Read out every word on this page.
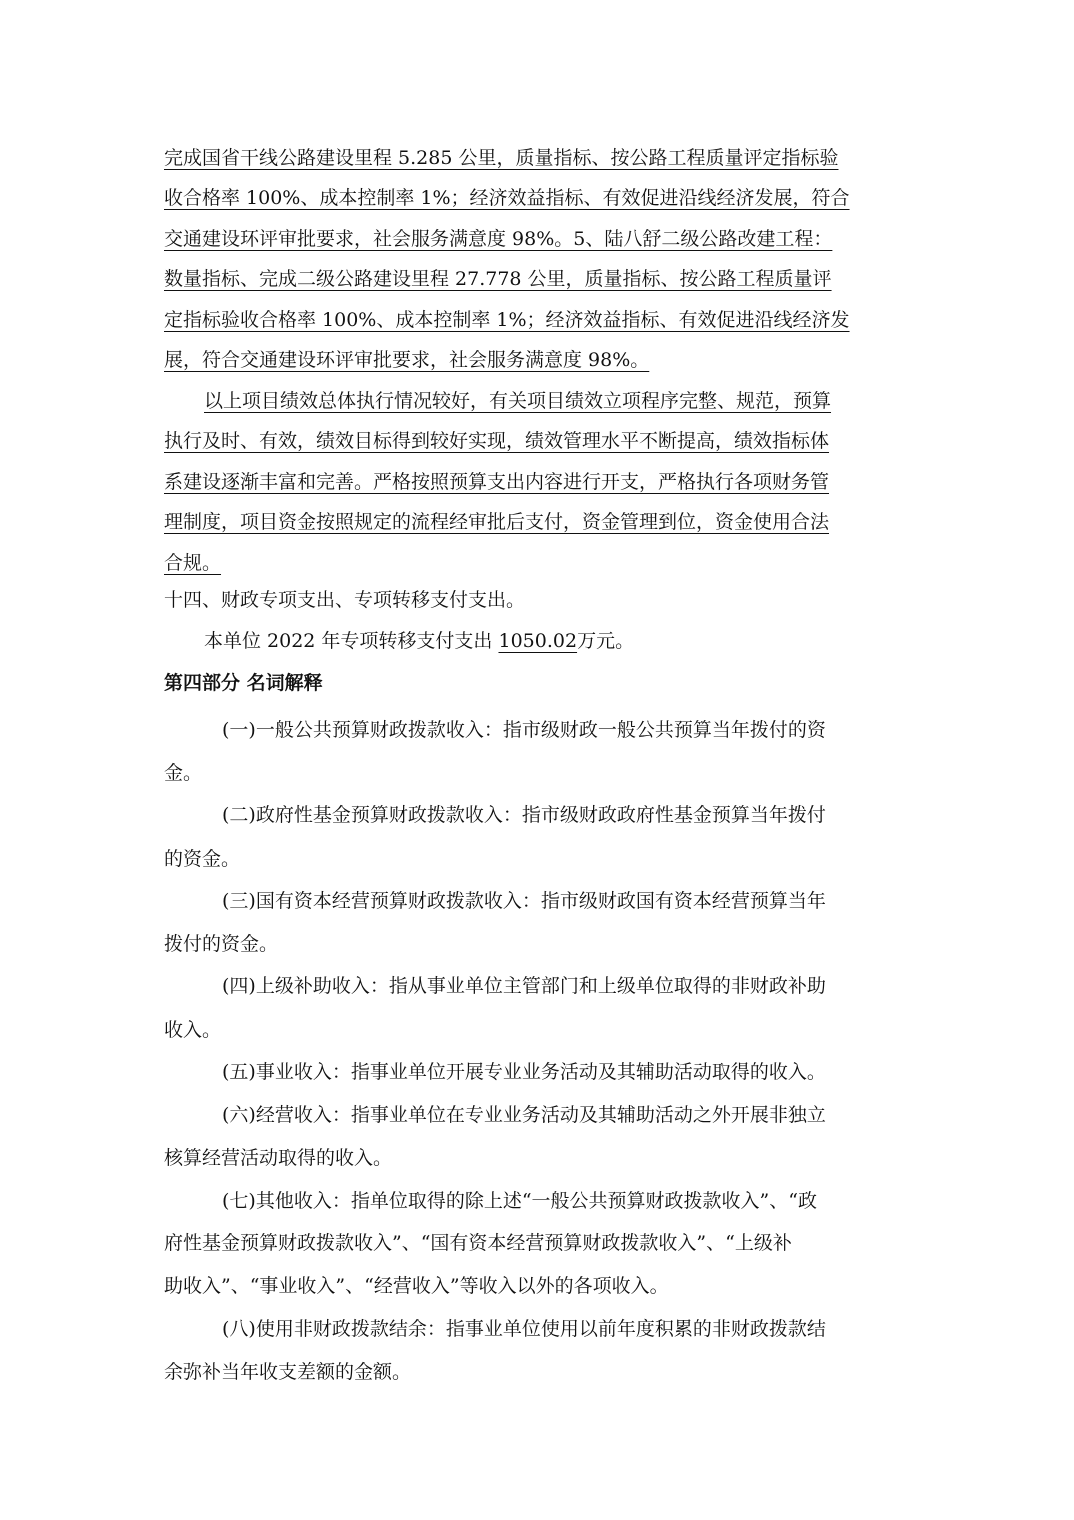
完成国省干线公路建设里程 5.285 公里，质量指标、按公路工程质量评定指标验
收合格率 100%、成本控制率 1%；经济效益指标、有效促进沿线经济发展，符合
交通建设环评审批要求，社会服务满意度 98%。5、陆八舒二级公路改建工程：
数量指标、完成二级公路建设里程 27.778 公里，质量指标、按公路工程质量评
定指标验收合格率 100%、成本控制率 1%；经济效益指标、有效促进沿线经济发
展，符合交通建设环评审批要求，社会服务满意度 98%。
以上项目绩效总体执行情况较好，有关项目绩效立项程序完整、规范，预算
执行及时、有效，绩效目标得到较好实现，绩效管理水平不断提高，绩效指标体
系建设逐渐丰富和完善。严格按照预算支出内容进行开支，严格执行各项财务管
理制度，项目资金按照规定的流程经审批后支付，资金管理到位，资金使用合法
合规。
十四、财政专项支出、专项转移支付支出。
本单位 2022 年专项转移支付支出 1050.02万元。
第四部分 名词解释
(一)一般公共预算财政拨款收入：指市级财政一般公共预算当年拨付的资
金。
(二)政府性基金预算财政拨款收入：指市级财政政府性基金预算当年拨付
的资金。
(三)国有资本经营预算财政拨款收入：指市级财政国有资本经营预算当年
拨付的资金。
(四)上级补助收入：指从事业单位主管部门和上级单位取得的非财政补助
收入。
(五)事业收入：指事业单位开展专业业务活动及其辅助活动取得的收入。
(六)经营收入：指事业单位在专业业务活动及其辅助活动之外开展非独立
核算经营活动取得的收入。
(七)其他收入：指单位取得的除上述“一般公共预算财政拨款收入”、“政
府性基金预算财政拨款收入”、“国有资本经营预算财政拨款收入”、“上级补
助收入”、“事业收入”、“经营收入”等收入以外的各项收入。
(八)使用非财政拨款结余：指事业单位使用以前年度积累的非财政拨款结
余弥补当年收支差额的金额。
